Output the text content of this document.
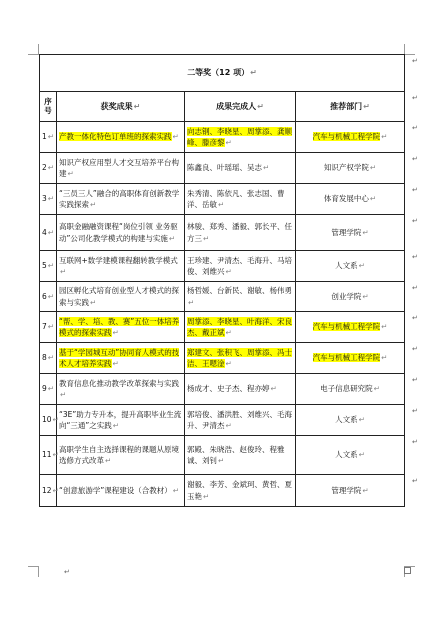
二等奖（12 项）↵			
序号	获奖成果↵	成果完成人↵	推荐部门↵
1↵	产教一体化特色订单班的探索实践↵	向志钢、李晓星、周掌添、龚顺峰、滕彦黎↵	汽车与机械工程学院↵
2↵	知识产权应用型人才交互培养平台构建↵	陈鑫良、叶瑶瑶、吴志↵	知识产权学院↵
3↵	“三员三人”融合的高职体育创新教学实践探索↵	朱秀清、陈依凡、张志国、曹洋、岳敏↵	体育发展中心↵
4↵	高职金融融资课程“岗位引领 业务驱动”公司化教学模式的构建与实施↵	林骏、郑秀、潘毅、郭长平、任方三↵	管理学院↵
5↵	互联网+数学建模课程翻转教学模式↵	王珍建、尹清杰、毛海升、马培俊、刘维兴↵	人文系↵
6↵	园区孵化式培育创业型人才模式的探索与实践↵	杨哲媛、台新民、谢敏、杨伟勇↵	创业学院↵
7↵	“帮、学、培、教、赛”五位一体培养模式的探索实践↵	周掌添、李晓星、叶海洋、宋良杰、戴正斌↵	汽车与机械工程学院↵
8↵	基于“学园城互动”协同育人模式的技术人才培养实践↵	郑建文、张积飞、周掌添、冯士洁、王嗯淦↵	汽车与机械工程学院↵
9↵	教育信息化推动教学改革探索与实践↵	杨成才、史子杰、程亦婷↵	电子信息研究院↵
10↵	“3E”助力专升本，提升高职毕业生流向“三通”之实践↵	郭培俊、潘洪胜、刘维兴、毛海升、尹清杰↵	人文系↵
11↵	高职学生自主选择课程的课题从原境选修方式改革↵	郭殿、朱晓浩、赵俊玲、程雅诚、刘钊↵	人文系↵
12↵	“创意旅游学”课程建设（合教材）↵	谢毅、李芳、金斌珂、黄哲、夏玉艳↵	管理学院↵
↵
↵
↵
↵
↵
↵
↵
↵
↵
↵
↵
↵
↵
↵
↵
